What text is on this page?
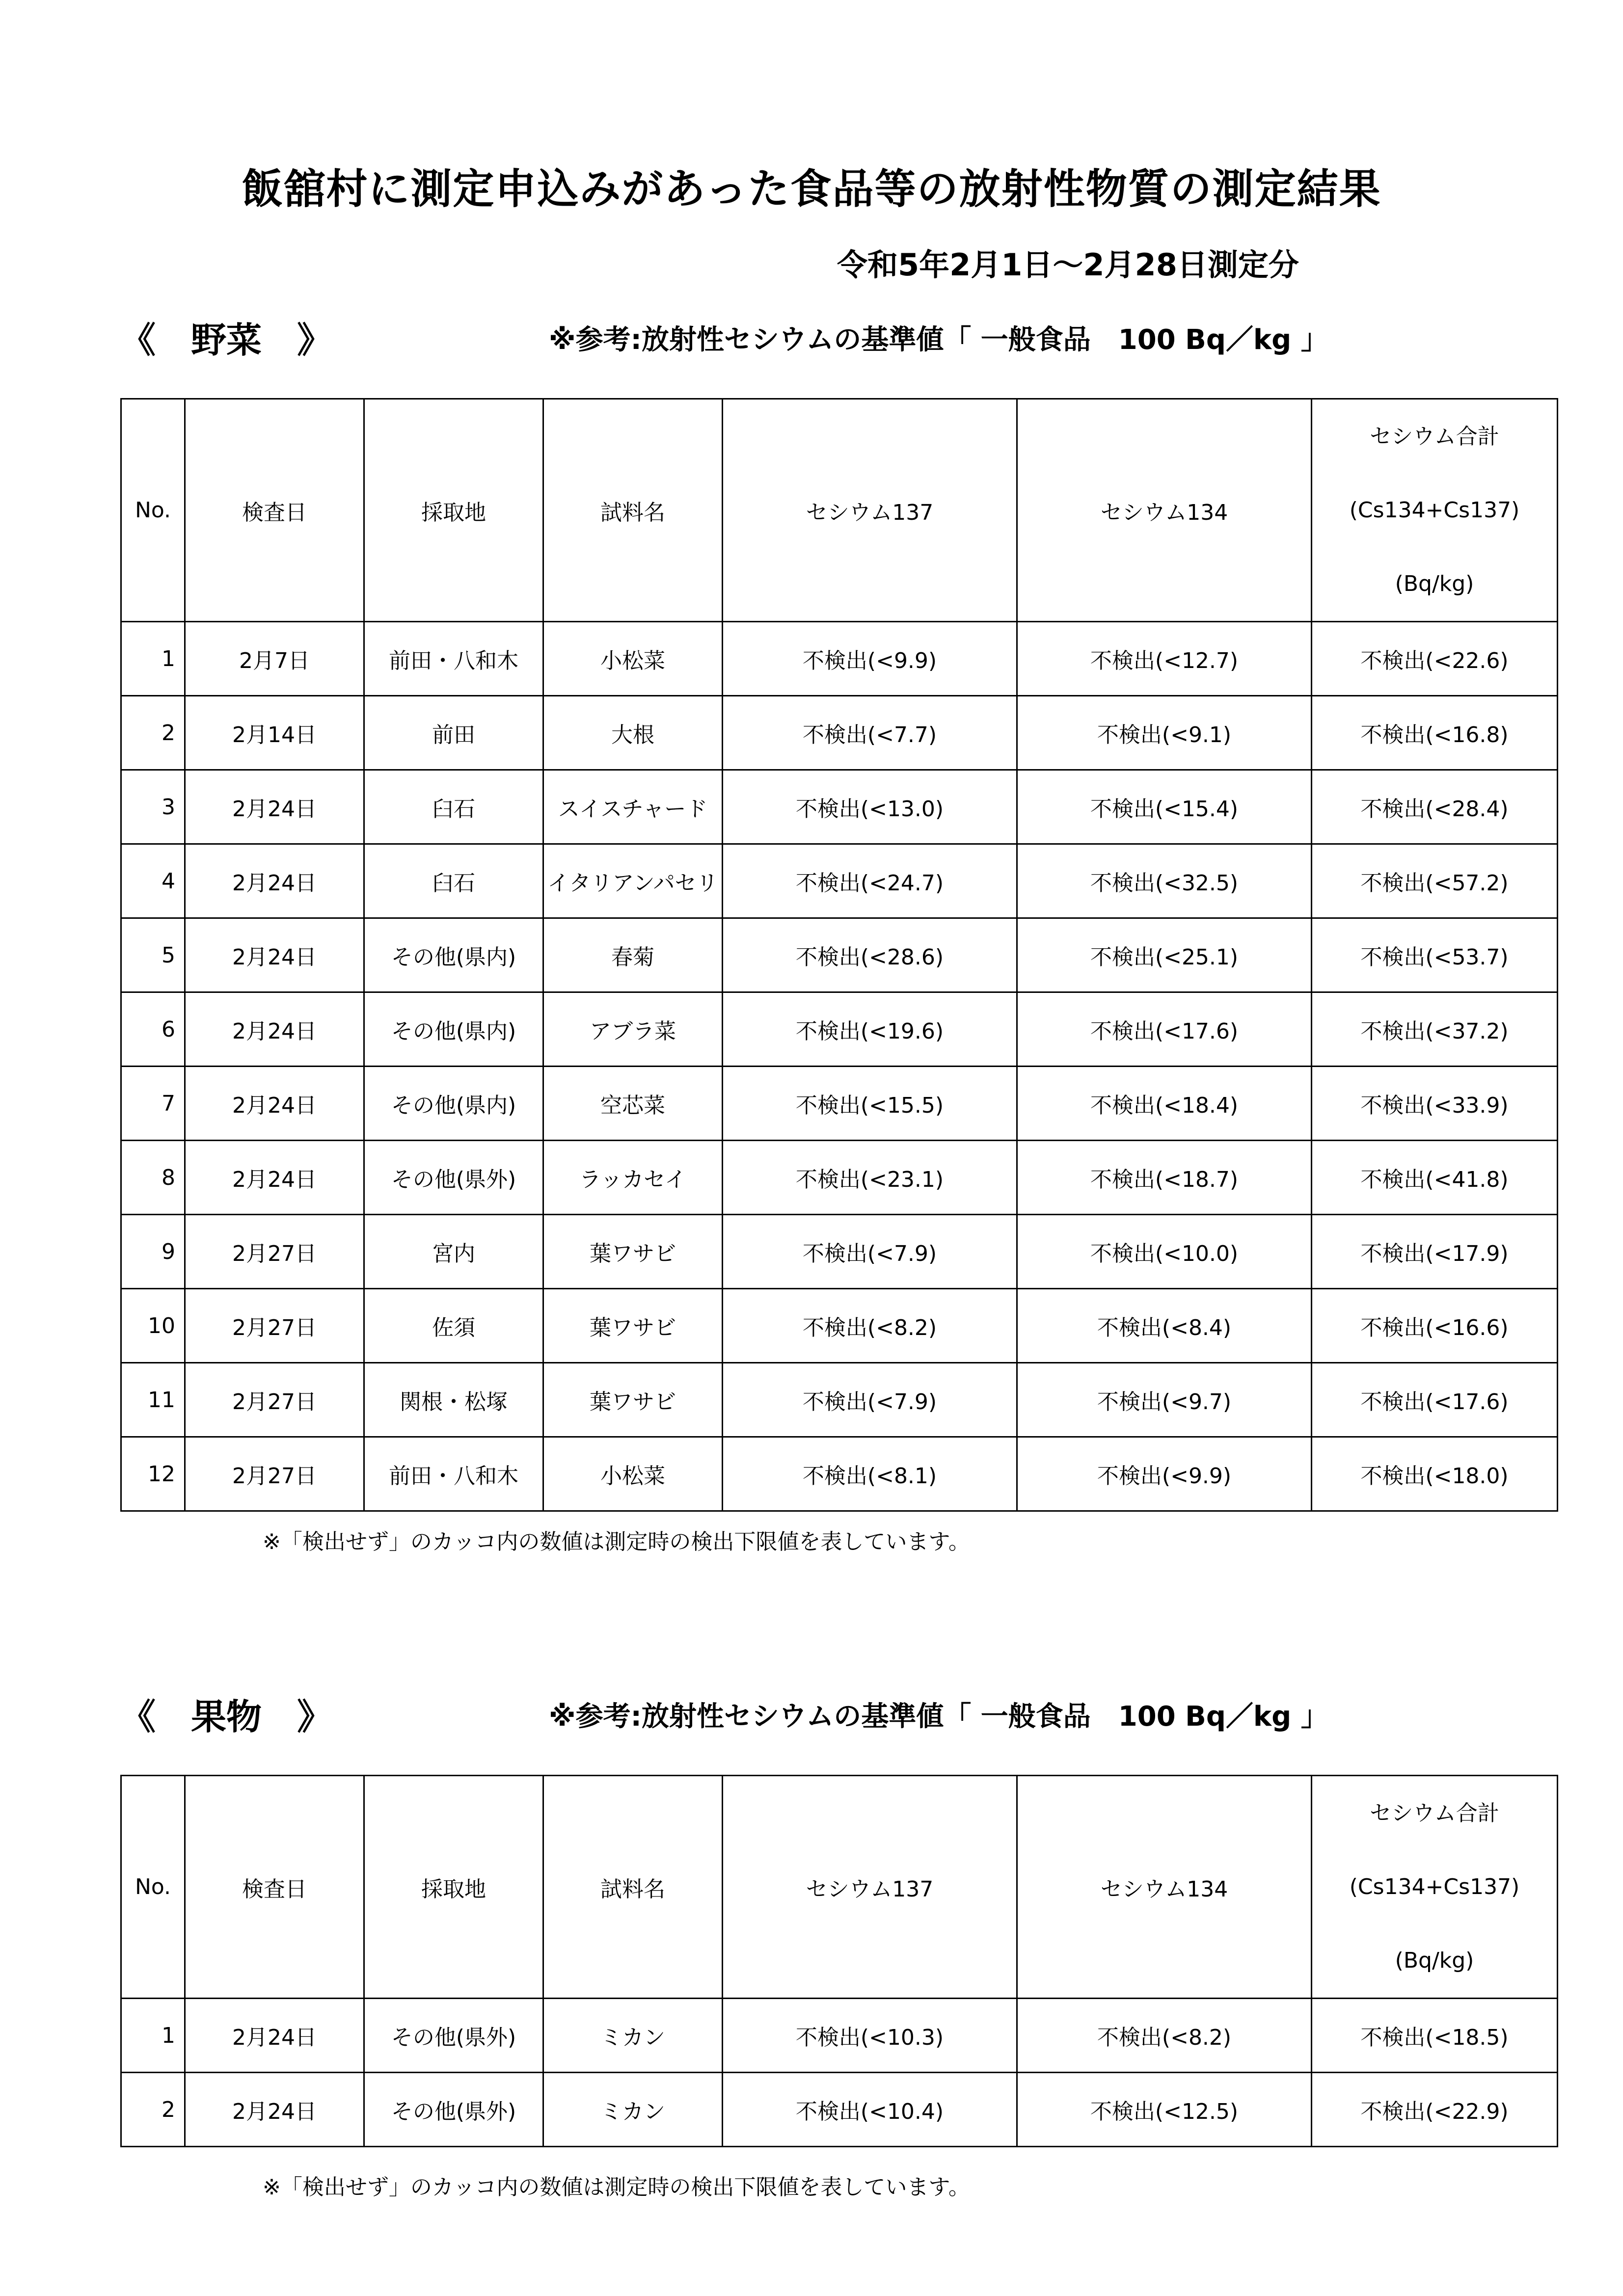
飯舘村に測定申込みがあった食品等の放射性物質の測定結果
令和5年2月1日～2月28日測定分
《　野菜　》	※参考:放射性セシウムの基準値「 一般食品　100 Bq／kg 」
No.	検査日	採取地	試料名	セシウム137	セシウム134	セシウム合計
(Cs134+Cs137)
(Bq/kg)

1	2月7日	前田・八和木	小松菜	不検出(<9.9)	不検出(<12.7)	不検出(<22.6)
2	2月14日	前田	大根	不検出(<7.7)	不検出(<9.1)	不検出(<16.8)
3	2月24日	臼石	スイスチャード	不検出(<13.0)	不検出(<15.4)	不検出(<28.4)
4	2月24日	臼石	イタリアンパセリ	不検出(<24.7)	不検出(<32.5)	不検出(<57.2)
5	2月24日	その他(県内)	春菊	不検出(<28.6)	不検出(<25.1)	不検出(<53.7)
6	2月24日	その他(県内)	アブラ菜	不検出(<19.6)	不検出(<17.6)	不検出(<37.2)
7	2月24日	その他(県内)	空芯菜	不検出(<15.5)	不検出(<18.4)	不検出(<33.9)
8	2月24日	その他(県外)	ラッカセイ	不検出(<23.1)	不検出(<18.7)	不検出(<41.8)
9	2月27日	宮内	葉ワサビ	不検出(<7.9)	不検出(<10.0)	不検出(<17.9)
10	2月27日	佐須	葉ワサビ	不検出(<8.2)	不検出(<8.4)	不検出(<16.6)
11	2月27日	関根・松塚	葉ワサビ	不検出(<7.9)	不検出(<9.7)	不検出(<17.6)
12	2月27日	前田・八和木	小松菜	不検出(<8.1)	不検出(<9.9)	不検出(<18.0)
※「検出せず」のカッコ内の数値は測定時の検出下限値を表しています。
《　果物　》	※参考:放射性セシウムの基準値「 一般食品　100 Bq／kg 」
No.	検査日	採取地	試料名	セシウム137	セシウム134	セシウム合計
(Cs134+Cs137)
(Bq/kg)

1	2月24日	その他(県外)	ミカン	不検出(<10.3)	不検出(<8.2)	不検出(<18.5)
2	2月24日	その他(県外)	ミカン	不検出(<10.4)	不検出(<12.5)	不検出(<22.9)
※「検出せず」のカッコ内の数値は測定時の検出下限値を表しています。
